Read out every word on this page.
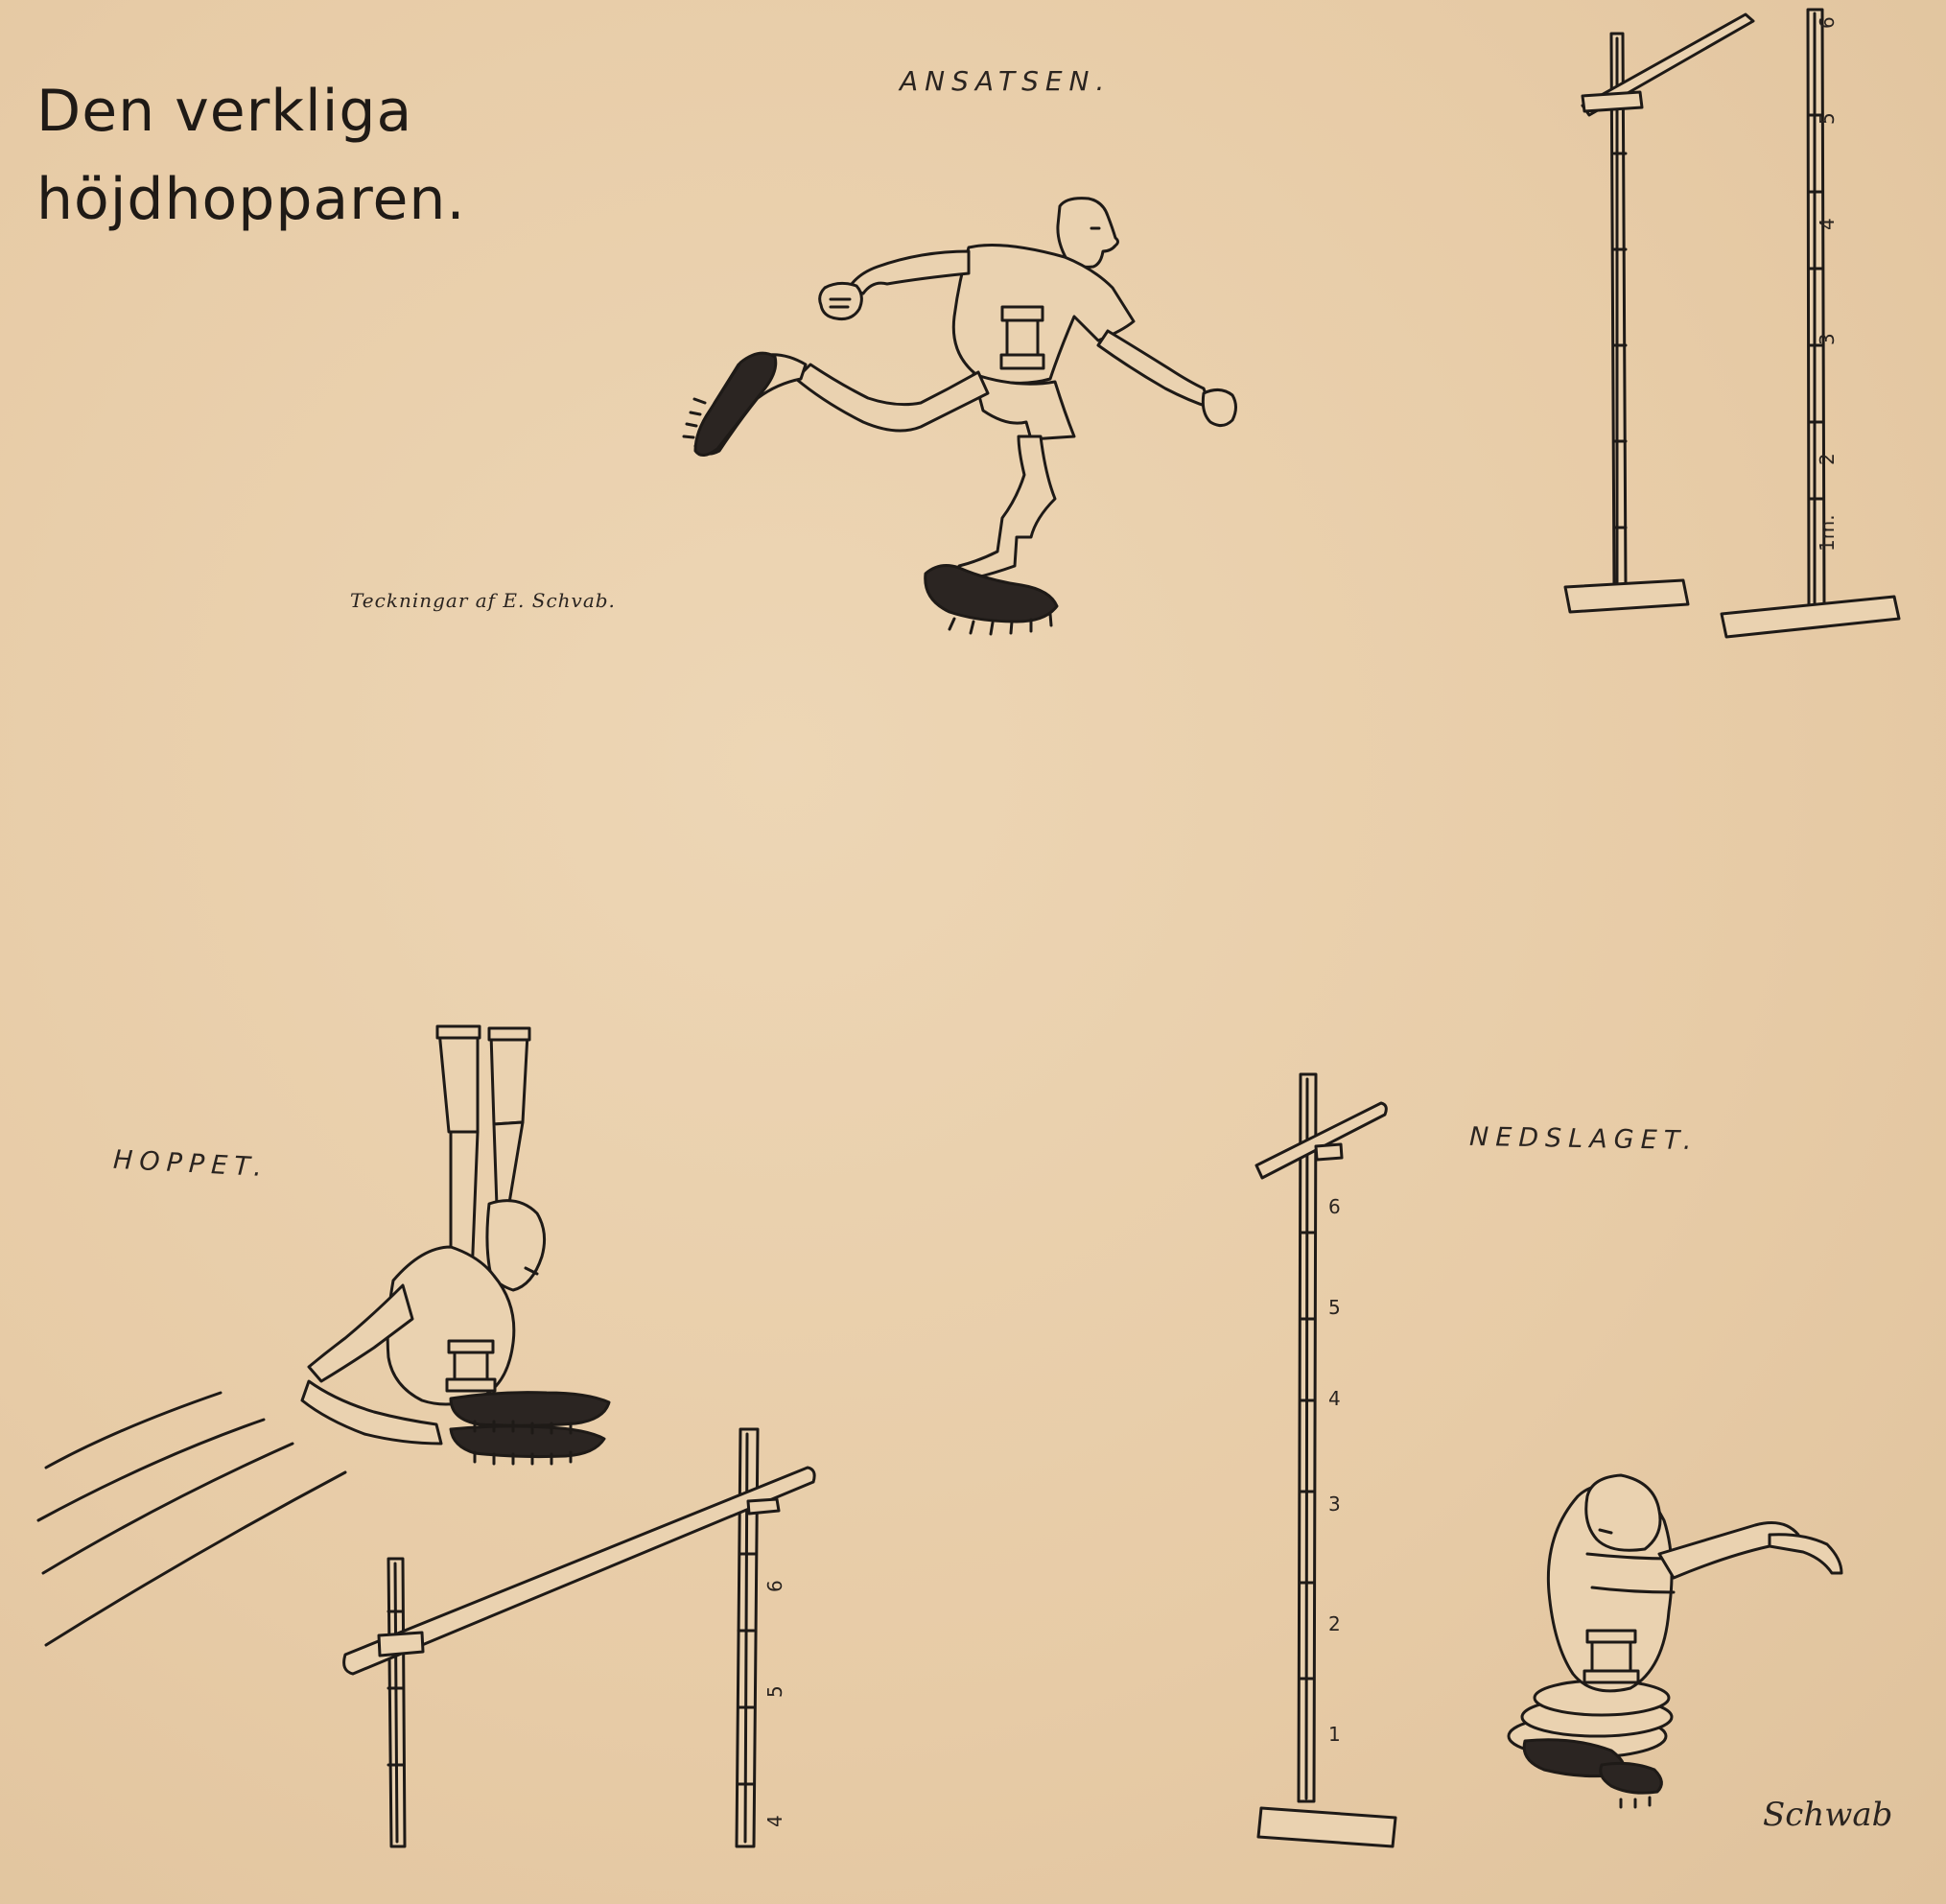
Den verkliga
höjdhopparen.
Teckningar af E. Schvab.
ANSATSEN.
HOPPET.
NEDSLAGET.
1m.
2
3
4
5
6
4
5
6
1
2
3
4
5
6
Schwab
